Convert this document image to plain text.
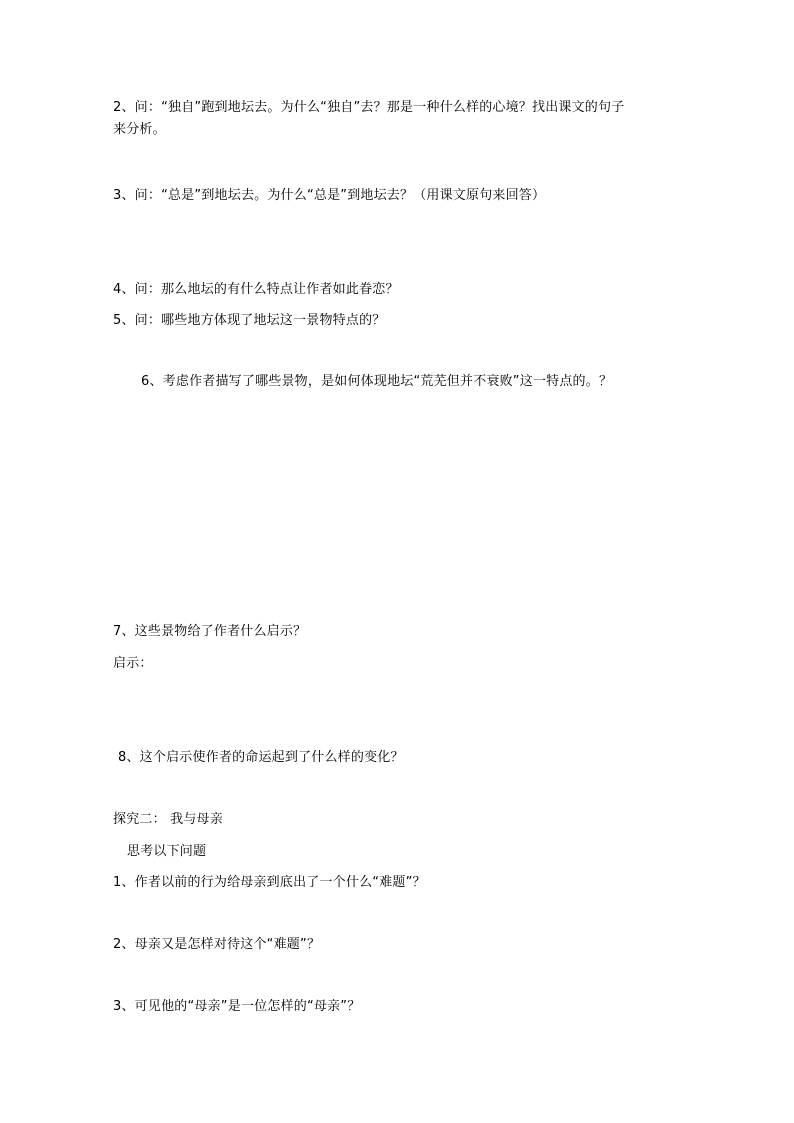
2、问：“独自”跑到地坛去。为什么“独自”去？那是一种什么样的心境？找出课文的句子
来分析。
3、问：“总是”到地坛去。为什么“总是”到地坛去？（用课文原句来回答）
4、问：那么地坛的有什么特点让作者如此眷恋？
5、问：哪些地方体现了地坛这一景物特点的？
6、考虑作者描写了哪些景物，是如何体现地坛“荒芜但并不衰败”这一特点的。？
7、这些景物给了作者什么启示？
启示：
8、这个启示使作者的命运起到了什么样的变化？
探究二： 我与母亲
思考以下问题
1、作者以前的行为给母亲到底出了一个什么“难题”？
2、母亲又是怎样对待这个“难题”？
3、可见他的“母亲”是一位怎样的“母亲”？
